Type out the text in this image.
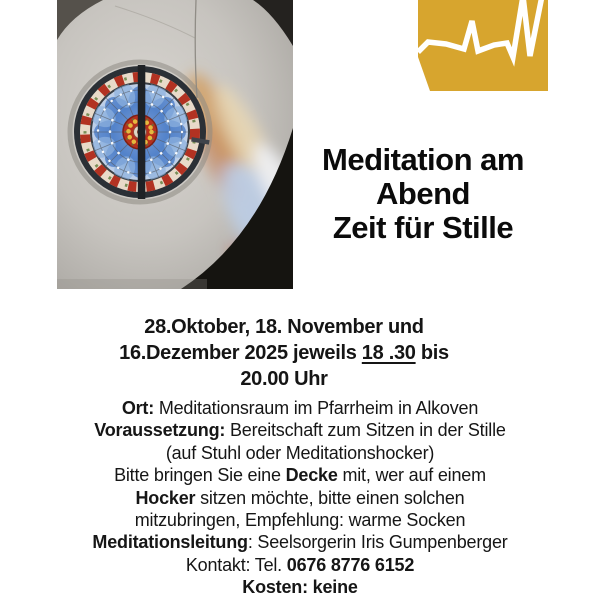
Meditation am
Abend
Zeit für Stille
28.Oktober, 18. November und
16.Dezember 2025 jeweils 18 .30 bis
20.00 Uhr
Ort: Meditationsraum im Pfarrheim in Alkoven
Voraussetzung: Bereitschaft zum Sitzen in der Stille
(auf Stuhl oder Meditationshocker)
Bitte bringen Sie eine Decke mit, wer auf einem
Hocker sitzen möchte, bitte einen solchen
mitzubringen, Empfehlung: warme Socken
Meditationsleitung: Seelsorgerin Iris Gumpenberger
Kontakt: Tel. 0676 8776 6152
Kosten: keine
